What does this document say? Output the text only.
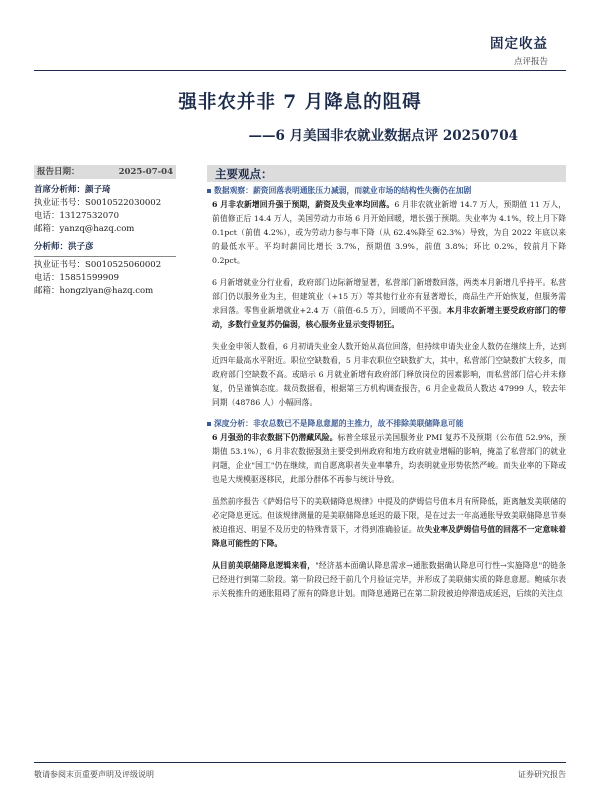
固定收益
点评报告
强非农并非 7 月降息的阻碍
——6 月美国非农就业数据点评 20250704
报告日期：	2025-07-04
首席分析师：颜子琦
执业证书号：S0010522030002
电话：13127532070
邮箱：yanzq@hazq.com
分析师：洪子彦
执业证书号：S0010525060002
电话：15851599909
邮箱：hongziyan@hazq.com
主要观点：
数据观察：薪资回落表明通胀压力减弱，而就业市场的结构性失衡仍在加剧
6 月非农新增回升强于预期，薪资及失业率均回落。6 月非农就业新增 14.7 万人，预期值 11 万人，前值修正后 14.4 万人，美国劳动力市场 6 月开始回暖，增长强于预期。失业率为 4.1%，较上月下降 0.1pct（前值 4.2%），或为劳动力参与率下降（从 62.4%降至 62.3%）导致，为自 2022 年底以来的最低水平。平均时薪同比增长 3.7%，预期值 3.9%，前值 3.8%；环比 0.2%，较前月下降 0.2pct。
6 月新增就业分行业看，政府部门边际新增显著，私营部门新增数回落，两类本月新增几乎持平。私营部门仍以服务业为主，但建筑业（+15 万）等其他行业亦有显著增长，商品生产开始恢复，但服务需求回落。零售业新增就业+2.4 万（前值-6.5 万），回暖尚不平强。本月非农新增主要受政府部门的带动，多数行业复苏仍偏弱，核心服务业显示变得韧狂。
失业金申领人数看，6 月初请失业金人数开始从高位回落，但持续申请失业金人数仍在继续上升，达到近四年最高水平附近。职位空缺数看，5 月非农职位空缺数扩大，其中，私营部门空缺数扩大较多，而政府部门空缺数不高。或暗示 6 月就业新增有政府部门释放岗位的因素影响，而私营部门信心并未修复，仍呈谨慎态度。裁员数据看，根据第三方机构调查报告，6 月企业裁员人数达 47999 人，较去年同期（48786 人）小幅回落。
深度分析：非农总数已不是降息意愿的主推力，故不排除美联储降息可能
6 月强劲的非农数据下仍潜藏风险。标普全球显示美国服务业 PMI 复苏不及预期（公布值 52.9%，预期值 53.1%），6 月非农数据强劲主要受到州政府和地方政府就业增幅的影响，掩盖了私营部门的就业问题，企业"国工"仍在继续，而自愿离职者失业率攀升，均表明就业形势依然严峻。而失业率的下降或也是大规模驱逐移民，此部分群体不再参与统计导致。
虽然前序报告《萨姆信号下的美联储降息规律》中提及的萨姆信号值本月有所降低，距离触发美联储的必定降息更远。但该规律测量的是美联储降息延迟的最下限，是在过去一年高通胀导致美联储降息节奏被迫推迟、明显不及历史的特殊背景下，才得到准确验证。故失业率及萨姆信号值的回落不一定意味着降息可能性的下降。
从目前美联储降息逻辑来看，"经济基本面确认降息需求→通胀数据确认降息可行性→实施降息"的链条已经进行到第二阶段。第一阶段已经于前几个月验证完毕，并形成了美联储实质的降息意愿。鲍威尔表示关税推升的通胀阻碍了原有的降息计划。而降息通路已在第二阶段被迫停滞造成延迟，后续的关注点
敬请参阅末页重要声明及评级说明	证券研究报告
